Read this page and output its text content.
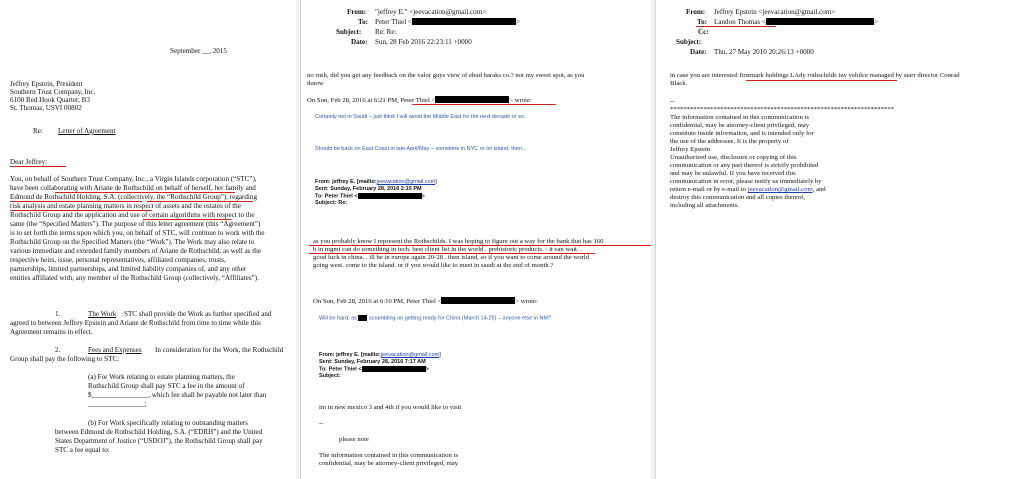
September __, 2015

Jeffrey Epstein, President

Southern Trust Company, Inc.

6100 Red Hook Quarter, B3

St. Thomas, USVI 00802

Re: Letter of Agreement

Dear Jeffrey:

You, on behalf of Southern Trust Company, Inc., a Virgin Islands corporation (“STC”),

have been collaborating with Ariane de Rothschild on behalf of herself, her family and

Edmond de Rothschild Holding, S.A. (collectively, the “Rothschild Group”), regarding

risk analysis and estate planning matters in respect of assets and the estates of the

Rothschild Group and the application and use of certain algorithms with respect to the

same (the “Specified Matters”). The purpose of this letter agreement (this “Agreement”)

is to set forth the terms upon which you, on behalf of STC, will continue to work with the

Rothschild Group on the Specified Matters (the “Work”). The Work may also relate to

various immediate and extended family members of Ariane de Rothschild, as well as the

respective heirs, issue, personal representatives, affiliated companies, trusts,

partnerships, limited partnerships, and limited liability companies of, and any other

entities affiliated with, any member of the Rothschild Group (collectively, “Affiliates”).

1.	The Work STC shall provide the Work as further specified and

agreed to between Jeffrey Epstein and Ariane de Rothschild from time to time while this

Agreement remains in effect.

2.	Fees and Expenses In consideration for the Work, the Rothschild

Group shall pay the following to STC:

(a) For Work relating to estate planning matters, the

Rothschild Group shall pay STC a fee in the amount of

$________________, which fee shall be payable not later than

________________;

(b) For Work specifically relating to outstanding matters

between Edmond de Rothschild Holding, S.A. (“EDRH”) and the United

States Department of Justice (“USDOJ”), the Rothschild Group shall pay

STC a fee equal to:

From: "jeffrey E." <jeevacation@gmail.com>

To: Peter Thiel <	>

Subject: Re: Re:

Date: Sun, 28 Feb 2016 22:23:11 +0000

no rush, did you get any feedback on the valor guys view of ehud baraks co.? not my sweet spot, as you

iknow

On Sun, Feb 28, 2016 at 6:21 PM, Peter Thiel <	> wrote:

Certainly not in Saudi – just think I will avoid the Middle East for the next decade or so.

Should be back on East Coast in late April/May – sometime in NYC or on island, then...

From: jeffrey E. [mailto:jeevacation@gmail.com]

Sent: Sunday, February 28, 2016 2:15 PM

To: Peter Thiel <	>

Subject: Re:

as you probably know I represent the Rothschilds. I was hoping to figure out a way for the bank that has 160

b in mgmt can do something in tech. best client list in the world . prehistoric products. - it can wait. .

good luck in china. . ill be in europe again 20-28 . then island, so if you want to come around the world

going west. come to the island. or if you would like to meet in saudi at the end of month ?

On Sun, Feb 28, 2016 at 6:10 PM, Peter Thiel <	> wrote:

Will be hard, as scrambling on getting ready for China (March 14-25) – anyone else in NM?

From: jeffrey E. [mailto:jeevacation@gmail.com]

Sent: Sunday, February 28, 2016 7:17 AM

To: Peter Thiel <	>

Subject:

im in new mexico 3 and 4th if you would like to visit

--

please note

The information contained in this communication is

confidential, may be attorney-client privileged, may

From: Jeffrey Epstein <jeevacation@gmail.com>

To: Landon Thomas <	>

Cc:

Subject:

Date: Thu, 27 May 2010 20:26:13 +0000

in case you are interested firstmark holdings LAdy rothschilds inv vehilce managed by starr director Conrad

Black.

--

*******************************************************************

The information contained in this communication is

confidential, may be attorney-client privileged, may

constitute inside information, and is intended only for

the use of the addressee. It is the property of

Jeffrey Epstein

Unauthorized use, disclosure or copying of this

communication or any part thereof is strictly prohibited

and may be unlawful. If you have received this

communication in error, please notify us immediately by

return e-mail or by e-mail to jeevacation@gmail.com, and

destroy this communication and all copies thereof,

including all attachments.
